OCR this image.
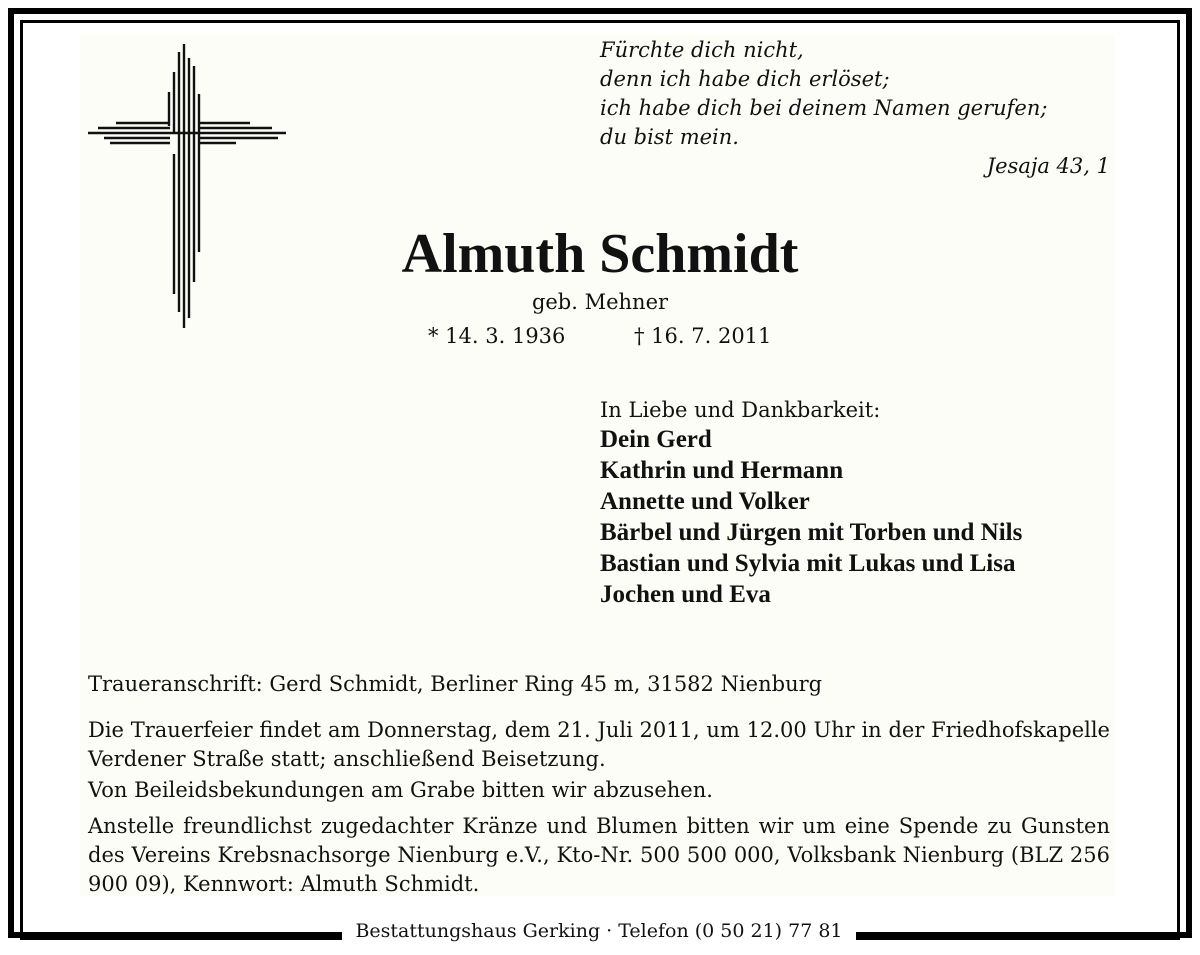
Fürchte dich nicht,
denn ich habe dich erlöset;
ich habe dich bei deinem Namen gerufen;
du bist mein.
Jesaja 43, 1
Almuth Schmidt
geb. Mehner
* 14. 3. 1936	† 16. 7. 2011
In Liebe und Dankbarkeit:
Dein Gerd
Kathrin und Hermann
Annette und Volker
Bärbel und Jürgen mit Torben und Nils
Bastian und Sylvia mit Lukas und Lisa
Jochen und Eva
Traueranschrift: Gerd Schmidt, Berliner Ring 45 m, 31582 Nienburg
Die Trauerfeier findet am Donnerstag, dem 21. Juli 2011, um 12.00 Uhr in der Friedhofskapelle Verdener Straße statt; anschließend Beisetzung.
Von Beileidsbekundungen am Grabe bitten wir abzusehen.
Anstelle freundlichst zugedachter Kränze und Blumen bitten wir um eine Spende zu Gunsten des Vereins Krebsnachsorge Nienburg e.V., Kto-Nr. 500 500 000, Volksbank Nienburg (BLZ 256 900 09), Kennwort: Almuth Schmidt.
Bestattungshaus Gerking · Telefon (0 50 21) 77 81
